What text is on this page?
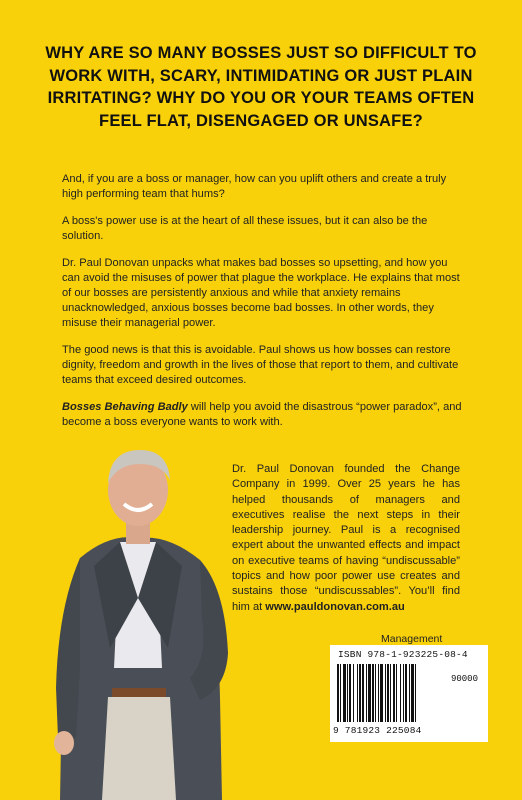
WHY ARE SO MANY BOSSES JUST SO DIFFICULT TO WORK WITH, SCARY, INTIMIDATING OR JUST PLAIN IRRITATING? WHY DO YOU OR YOUR TEAMS OFTEN FEEL FLAT, DISENGAGED OR UNSAFE?

And, if you are a boss or manager, how can you uplift others and create a truly high performing team that hums?

A boss's power use is at the heart of all these issues, but it can also be the solution.

Dr. Paul Donovan unpacks what makes bad bosses so upsetting, and how you can avoid the misuses of power that plague the workplace. He explains that most of our bosses are persistently anxious and while that anxiety remains unacknowledged, anxious bosses become bad bosses. In other words, they misuse their managerial power.

The good news is that this is avoidable. Paul shows us how bosses can restore dignity, freedom and growth in the lives of those that report to them, and cultivate teams that exceed desired outcomes.

Bosses Behaving Badly will help you avoid the disastrous “power paradox”, and become a boss everyone wants to work with.

Dr. Paul Donovan founded the Change Company in 1999. Over 25 years he has helped thousands of managers and executives realise the next steps in their leadership journey. Paul is a recognised expert about the unwanted effects and impact on executive teams of having “undiscussable” topics and how poor power use creates and sustains those “undiscussables”. You’ll find him at www.pauldonovan.com.au
Management
ISBN 978-1-923225-08-4
90000
9 781923 225084
